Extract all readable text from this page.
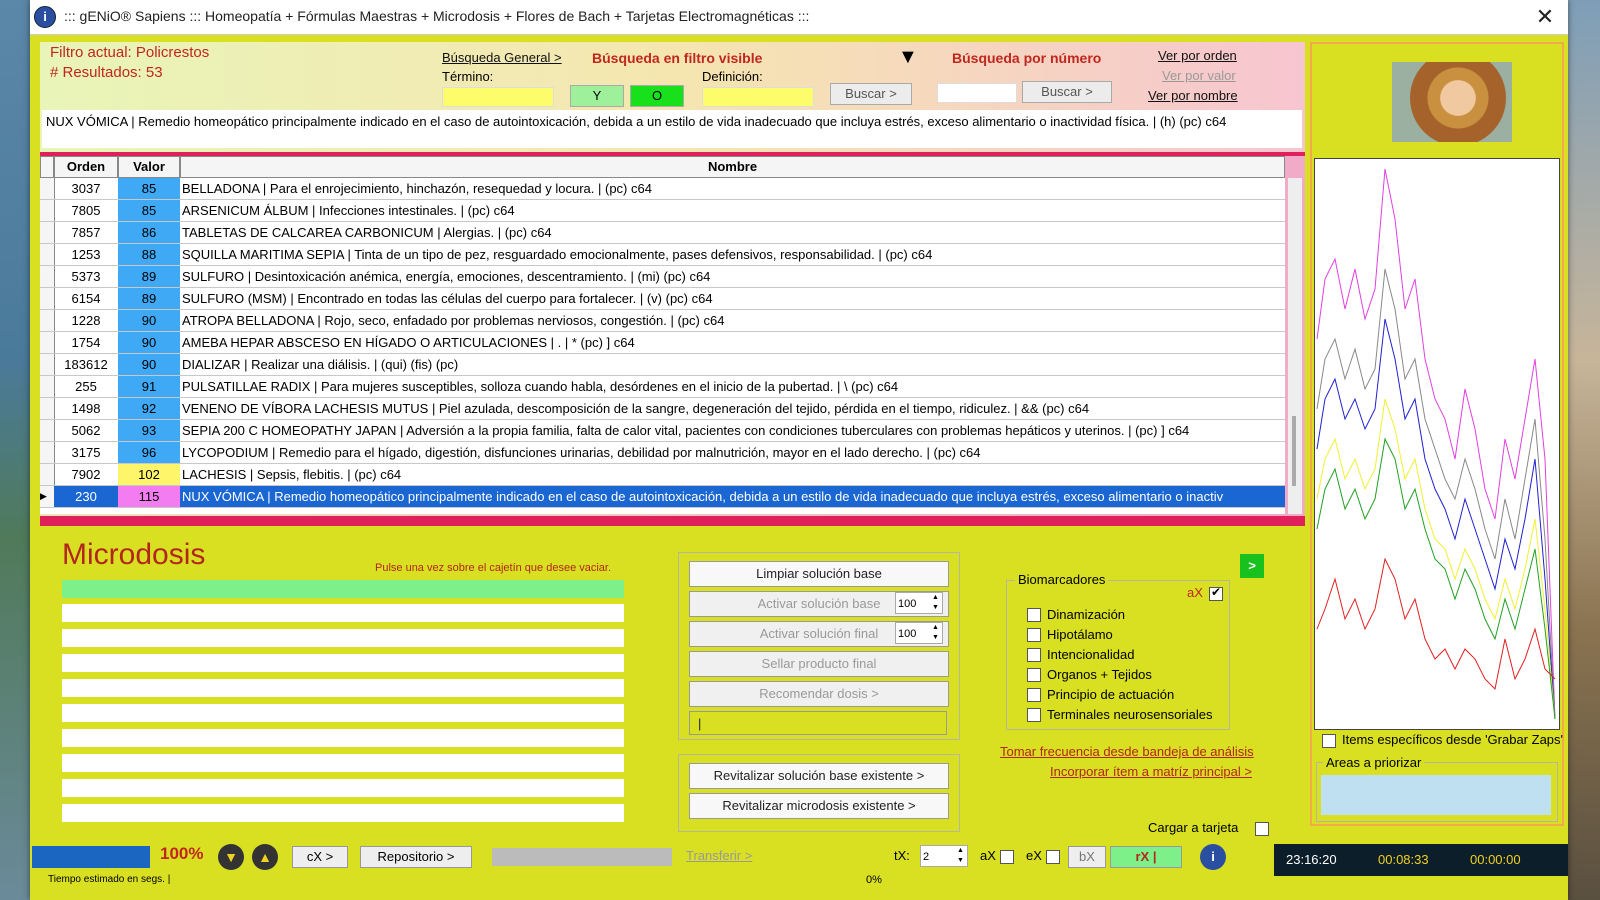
i	::: gENiO® Sapiens ::: Homeopatía + Fórmulas Maestras + Microdosis + Flores de Bach + Tarjetas Electromagnéticas :::	✕
Filtro actual: Policrestos
# Resultados: 53
Búsqueda General > Búsqueda en filtro visible
Término:
Y	O
Definición:
Buscar >
▼ Búsqueda por número
Buscar >
Ver por orden
Ver por valor
Ver por nombre
NUX VÓMICA | Remedio homeopático principalmente indicado en el caso de autointoxicación, debida a un estilo de vida inadecuado que incluya estrés, exceso alimentario o inactividad física. | (h) (pc) c64
Orden	Valor	Nombre
3037	85	BELLADONA | Para el enrojecimiento, hinchazón, resequedad y locura. | (pc) c64
7805	85	ARSENICUM ÁLBUM | Infecciones intestinales. | (pc) c64
7857	86	TABLETAS DE CALCAREA CARBONICUM | Alergias. | (pc) c64
1253	88	SQUILLA MARITIMA SEPIA | Tinta de un tipo de pez, resguardado emocionalmente, pases defensivos, responsabilidad. | (pc) c64
5373	89	SULFURO | Desintoxicación anémica, energía, emociones, descentramiento. | (mi) (pc) c64
6154	89	SULFURO (MSM) | Encontrado en todas las células del cuerpo para fortalecer. | (v) (pc) c64
1228	90	ATROPA BELLADONA | Rojo, seco, enfadado por problemas nerviosos, congestión. | (pc) c64
1754	90	AMEBA HEPAR ABSCESO EN HÍGADO O ARTICULACIONES | . | * (pc) ] c64
183612	90	DIALIZAR | Realizar una diálisis. | (qui) (fis) (pc)
255	91	PULSATILLAE RADIX | Para mujeres susceptibles, solloza cuando habla, desórdenes en el inicio de la pubertad. | \ (pc) c64
1498	92	VENENO DE VÍBORA LACHESIS MUTUS | Piel azulada, descomposición de la sangre, degeneración del tejido, pérdida en el tiempo, ridiculez. | && (pc) c64
5062	93	SEPIA 200 C HOMEOPATHY JAPAN | Adversión a la propia familia, falta de calor vital, pacientes con condiciones tuberculares con problemas hepáticos y uterinos. | (pc) ] c64
3175	96	LYCOPODIUM | Remedio para el hígado, digestión, disfunciones urinarias, debilidad por malnutrición, mayor en el lado derecho. | (pc) c64
7902	102	LACHESIS | Sepsis, flebitis. | (pc) c64
▶	230	115	NUX VÓMICA | Remedio homeopático principalmente indicado en el caso de autointoxicación, debida a un estilo de vida inadecuado que incluya estrés, exceso alimentario o inactiv
Microdosis	Pulse una vez sobre el cajetín que desee vaciar.	Limpiar solución base
Activar solución base	100 ▲▼
Activar solución final	100 ▲▼
Sellar producto final
Recomendar dosis >
|
Revitalizar solución base existente >
Revitalizar microdosis existente >
>
Biomarcadores
aX
✔
Dinamización
Hipotálamo
Intencionalidad
Organos + Tejidos
Principio de actuación
Terminales neurosensoriales
Tomar frecuencia desde bandeja de análisis
Incorporar ítem a matríz principal >
Cargar a tarjeta
Items específicos desde 'Grabar Zaps'
Areas a priorizar
100%	▼	▲	cX >	Repositorio >	Transferir >	tX: 2 ▲▼	aX eX	bX	rX |	i	23:16:20	00:08:33	00:00:00
Tiempo estimado en segs. |	0%
